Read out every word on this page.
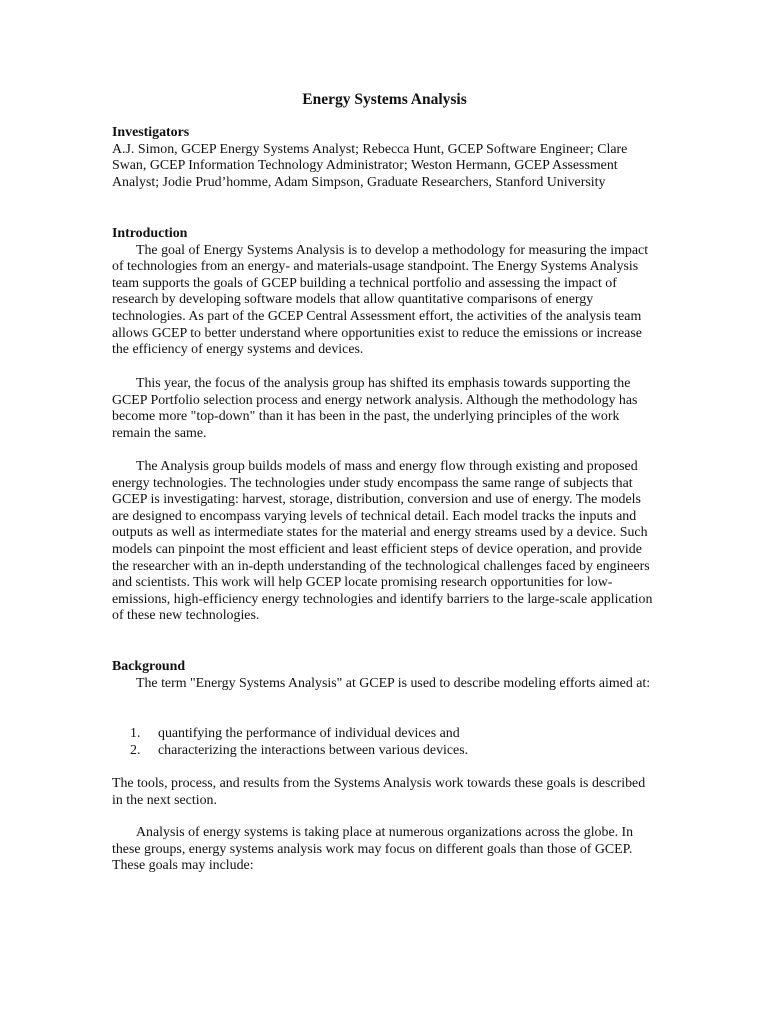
Energy Systems Analysis
Investigators

A.J. Simon, GCEP Energy Systems Analyst; Rebecca Hunt, GCEP Software Engineer; Clare Swan, GCEP Information Technology Administrator; Weston Hermann, GCEP Assessment Analyst; Jodie Prud’homme, Adam Simpson, Graduate Researchers, Stanford University

Introduction

The goal of Energy Systems Analysis is to develop a methodology for measuring the impact of technologies from an energy- and materials-usage standpoint. The Energy Systems Analysis team supports the goals of GCEP building a technical portfolio and assessing the impact of research by developing software models that allow quantitative comparisons of energy technologies. As part of the GCEP Central Assessment effort, the activities of the analysis team allows GCEP to better understand where opportunities exist to reduce the emissions or increase the efficiency of energy systems and devices.

This year, the focus of the analysis group has shifted its emphasis towards supporting the GCEP Portfolio selection process and energy network analysis. Although the methodology has become more "top-down" than it has been in the past, the underlying principles of the work remain the same.

The Analysis group builds models of mass and energy flow through existing and proposed energy technologies. The technologies under study encompass the same range of subjects that GCEP is investigating: harvest, storage, distribution, conversion and use of energy. The models are designed to encompass varying levels of technical detail. Each model tracks the inputs and outputs as well as intermediate states for the material and energy streams used by a device. Such models can pinpoint the most efficient and least efficient steps of device operation, and provide the researcher with an in-depth understanding of the technological challenges faced by engineers and scientists. This work will help GCEP locate promising research opportunities for low-emissions, high-efficiency energy technologies and identify barriers to the large-scale application of these new technologies.

Background

The term "Energy Systems Analysis" at GCEP is used to describe modeling efforts aimed at:

1. quantifying the performance of individual devices and
2. characterizing the interactions between various devices.

The tools, process, and results from the Systems Analysis work towards these goals is described in the next section.

Analysis of energy systems is taking place at numerous organizations across the globe. In these groups, energy systems analysis work may focus on different goals than those of GCEP. These goals may include:
